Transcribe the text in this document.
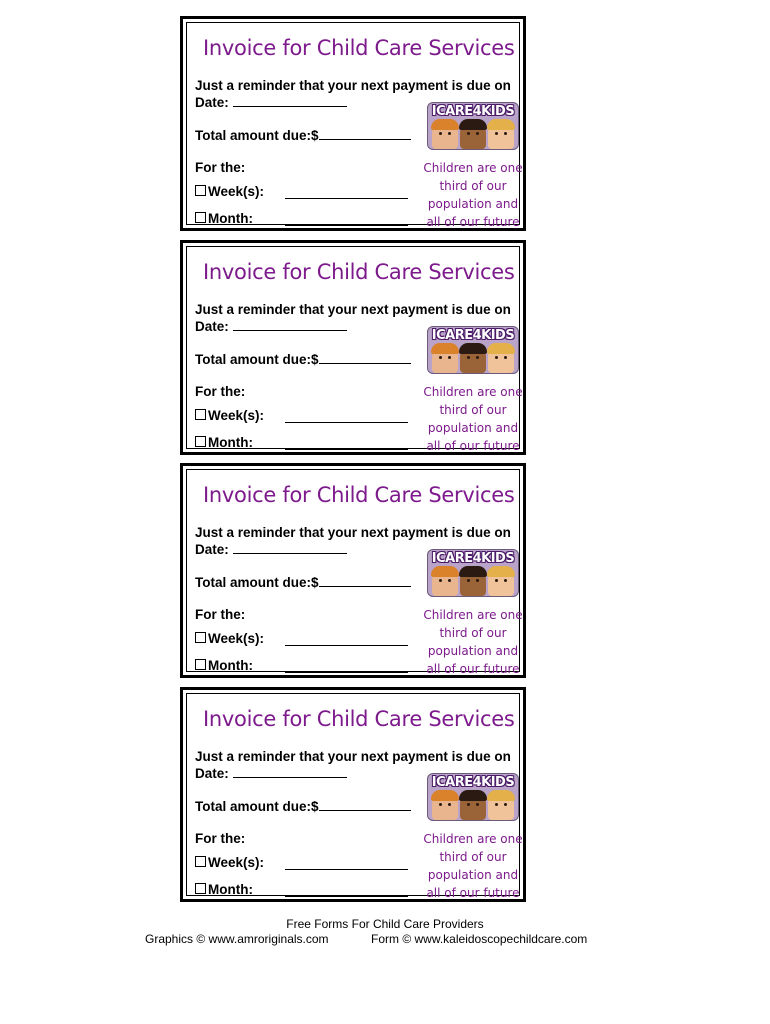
Invoice for Child Care Services
Just a reminder that your next payment is due on Date:
Total amount due:$
For the:
Week(s):
Month:
ICARE4KIDS
Children are one third of our population and all of our future
Invoice for Child Care Services
Just a reminder that your next payment is due on Date:
Total amount due:$
For the:
Week(s):
Month:
ICARE4KIDS
Children are one third of our population and all of our future
Invoice for Child Care Services
Just a reminder that your next payment is due on Date:
Total amount due:$
For the:
Week(s):
Month:
ICARE4KIDS
Children are one third of our population and all of our future
Invoice for Child Care Services
Just a reminder that your next payment is due on Date:
Total amount due:$
For the:
Week(s):
Month:
ICARE4KIDS
Children are one third of our population and all of our future
Free Forms For Child Care Providers
Graphics © www.amroriginals.com	Form © www.kaleidoscopechildcare.com
